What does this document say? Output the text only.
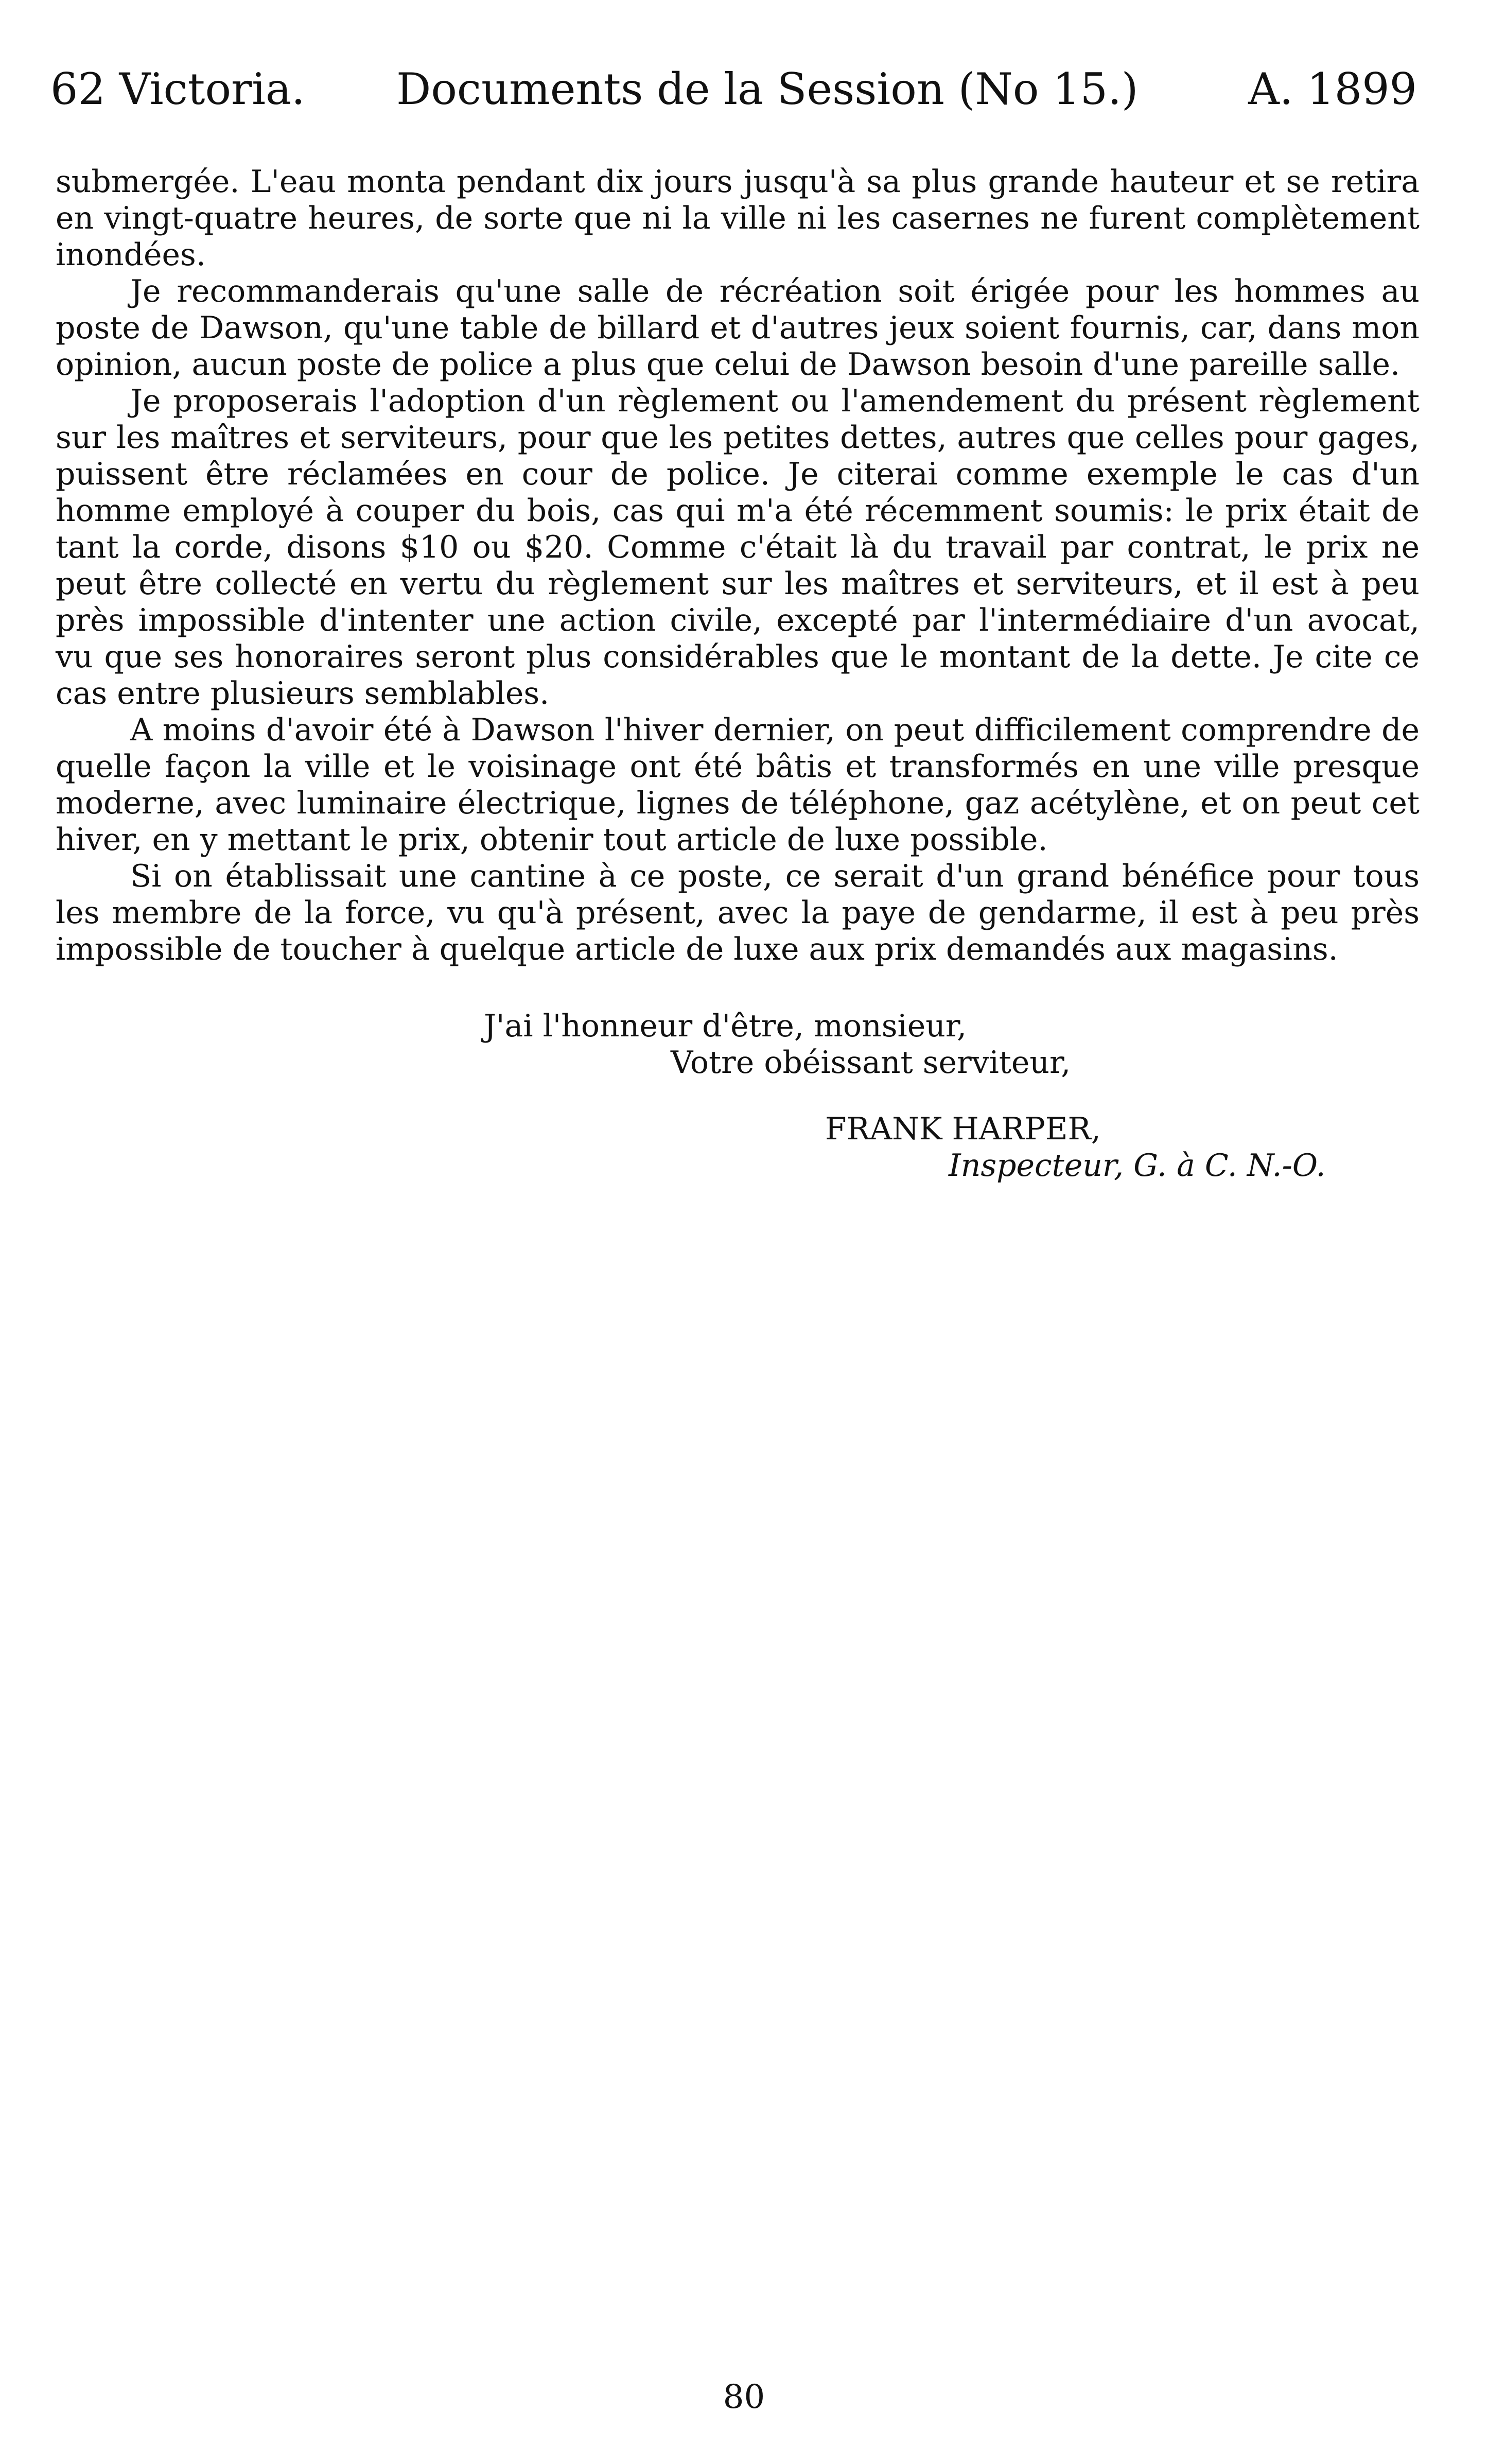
62 Victoria. Documents de la Session (No 15.)	A. 1899

submergée. L'eau monta pendant dix jours jusqu'à sa plus grande hauteur et se retira en vingt-quatre heures, de sorte que ni la ville ni les casernes ne furent complètement inondées.

Je recommanderais qu'une salle de récréation soit érigée pour les hommes au poste de Dawson, qu'une table de billard et d'autres jeux soient fournis, car, dans mon opinion, aucun poste de police a plus que celui de Dawson besoin d'une pareille salle.

Je proposerais l'adoption d'un règlement ou l'amendement du présent règlement sur les maîtres et serviteurs, pour que les petites dettes, autres que celles pour gages, puissent être réclamées en cour de police. Je citerai comme exemple le cas d'un homme employé à couper du bois, cas qui m'a été récemment soumis: le prix était de tant la corde, disons $10 ou $20. Comme c'était là du travail par contrat, le prix ne peut être collecté en vertu du règlement sur les maîtres et serviteurs, et il est à peu près impossible d'intenter une action civile, excepté par l'intermédiaire d'un avocat, vu que ses honoraires seront plus considérables que le montant de la dette. Je cite ce cas entre plusieurs semblables.

A moins d'avoir été à Dawson l'hiver dernier, on peut difficilement comprendre de quelle façon la ville et le voisinage ont été bâtis et transformés en une ville presque moderne, avec luminaire électrique, lignes de téléphone, gaz acétylène, et on peut cet hiver, en y mettant le prix, obtenir tout article de luxe possible.

Si on établissait une cantine à ce poste, ce serait d'un grand bénéfice pour tous les membre de la force, vu qu'à présent, avec la paye de gendarme, il est à peu près impossible de toucher à quelque article de luxe aux prix demandés aux magasins.

J'ai l'honneur d'être, monsieur,
Votre obéissant serviteur,
FRANK HARPER,
Inspecteur, G. à C. N.-O.
80
